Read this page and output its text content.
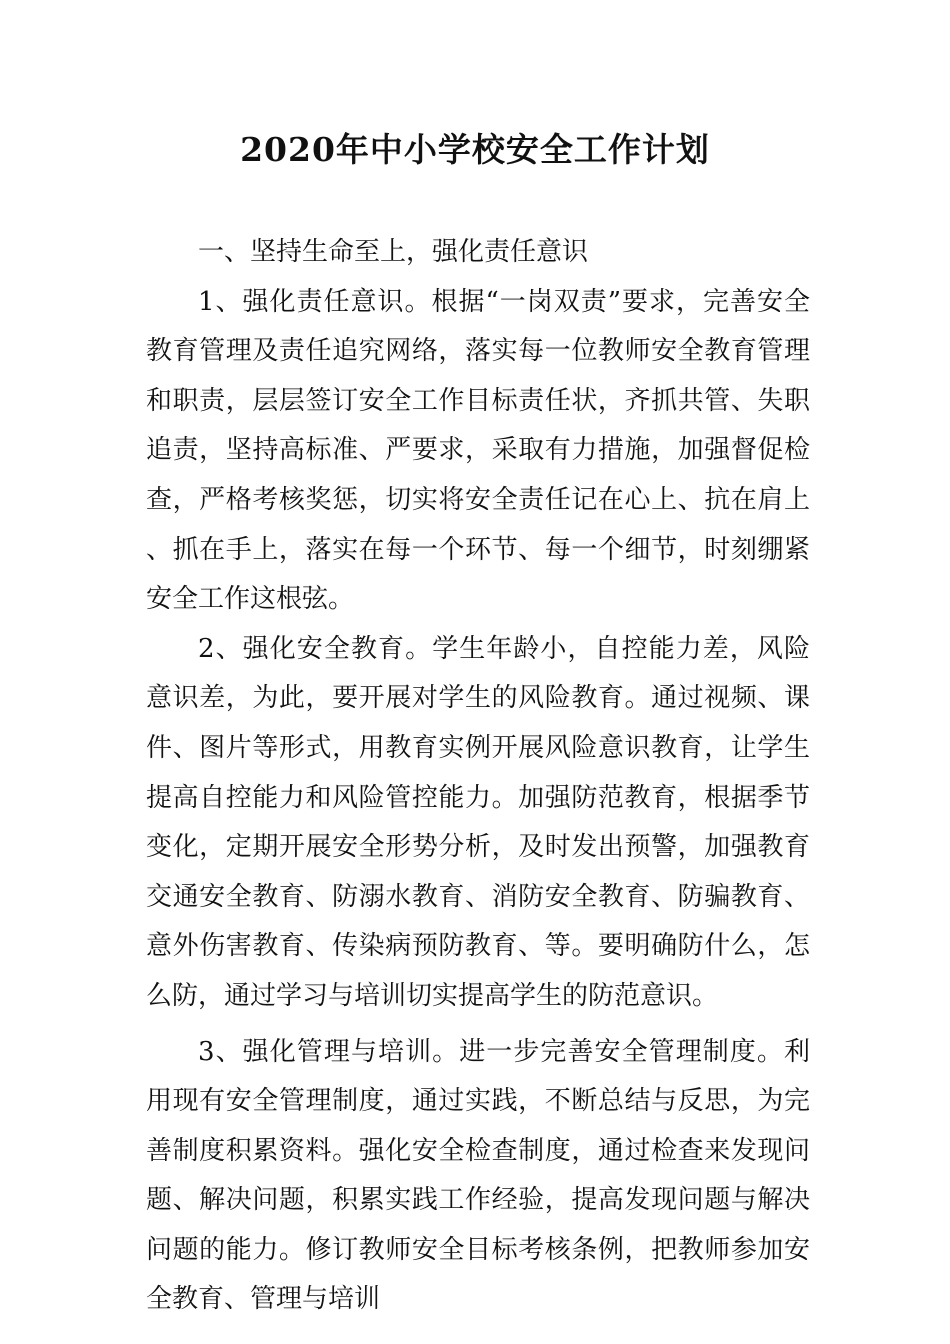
2020年中小学校安全工作计划

一、坚持生命至上，强化责任意识

1、强化责任意识。根据“一岗双责”要求，完善安全教育管理及责任追究网络，落实每一位教师安全教育管理和职责，层层签订安全工作目标责任状，齐抓共管、失职追责，坚持高标准、严要求，采取有力措施，加强督促检查，严格考核奖惩，切实将安全责任记在心上、抗在肩上、抓在手上，落实在每一个环节、每一个细节，时刻绷紧安全工作这根弦。

2、强化安全教育。学生年龄小，自控能力差，风险意识差，为此，要开展对学生的风险教育。通过视频、课件、图片等形式，用教育实例开展风险意识教育，让学生提高自控能力和风险管控能力。加强防范教育，根据季节变化，定期开展安全形势分析，及时发出预警，加强教育交通安全教育、防溺水教育、消防安全教育、防骗教育、意外伤害教育、传染病预防教育、等。要明确防什么，怎么防，通过学习与培训切实提高学生的防范意识。

3、强化管理与培训。进一步完善安全管理制度。利用现有安全管理制度，通过实践，不断总结与反思，为完善制度积累资料。强化安全检查制度，通过检查来发现问题、解决问题，积累实践工作经验，提高发现问题与解决问题的能力。修订教师安全目标考核条例，把教师参加安全教育、管理与培训
